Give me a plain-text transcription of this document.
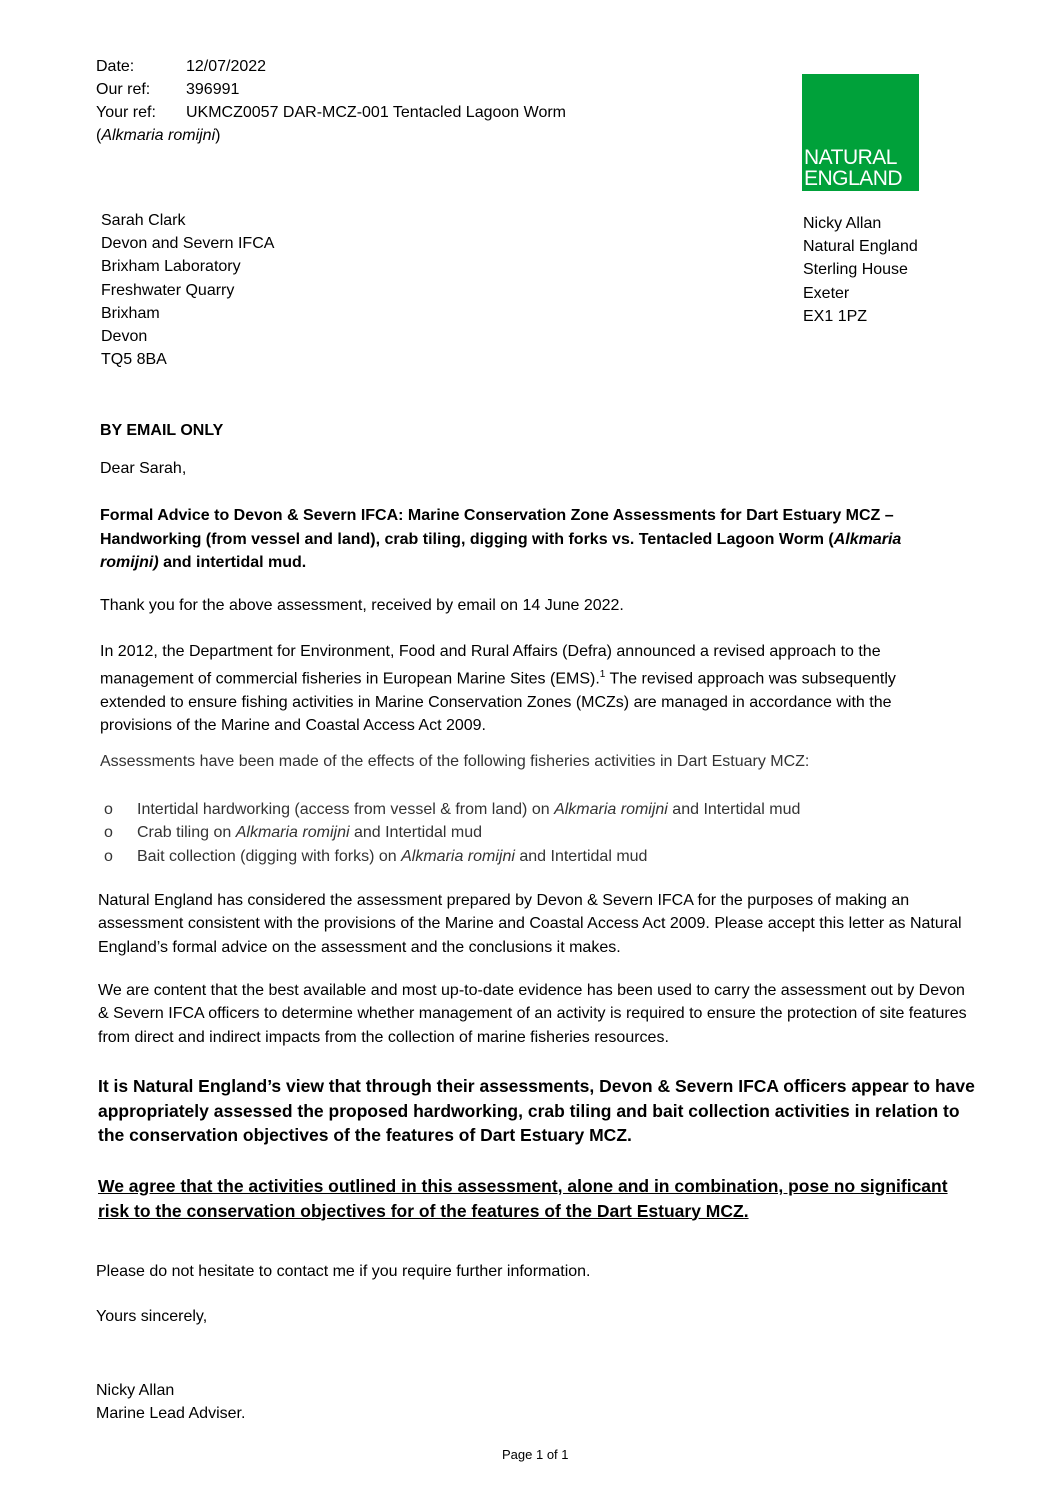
Date:	12/07/2022
Our ref: 396991
Your ref: UKMCZ0057 DAR-MCZ-001 Tentacled Lagoon Worm
(Alkmaria romijni)
NATURAL
ENGLAND
Sarah Clark
Devon and Severn IFCA
Brixham Laboratory
Freshwater Quarry
Brixham
Devon
TQ5 8BA
Nicky Allan
Natural England
Sterling House
Exeter
EX1 1PZ
BY EMAIL ONLY
Dear Sarah,
Formal Advice to Devon & Severn IFCA: Marine Conservation Zone Assessments for Dart Estuary MCZ – Handworking (from vessel and land), crab tiling, digging with forks vs. Tentacled Lagoon Worm (Alkmaria romijni) and intertidal mud.
Thank you for the above assessment, received by email on 14 June 2022.
In 2012, the Department for Environment, Food and Rural Affairs (Defra) announced a revised approach to the management of commercial fisheries in European Marine Sites (EMS).$^1$ The revised approach was subsequently extended to ensure fishing activities in Marine Conservation Zones (MCZs) are managed in accordance with the provisions of the Marine and Coastal Access Act 2009.
Assessments have been made of the effects of the following fisheries activities in Dart Estuary MCZ:
o	Intertidal hardworking (access from vessel & from land) on Alkmaria romijni and Intertidal mud
o	Crab tiling on Alkmaria romijni and Intertidal mud
o	Bait collection (digging with forks) on Alkmaria romijni and Intertidal mud
Natural England has considered the assessment prepared by Devon & Severn IFCA for the purposes of making an assessment consistent with the provisions of the Marine and Coastal Access Act 2009. Please accept this letter as Natural England’s formal advice on the assessment and the conclusions it makes.
We are content that the best available and most up-to-date evidence has been used to carry the assessment out by Devon & Severn IFCA officers to determine whether management of an activity is required to ensure the protection of site features from direct and indirect impacts from the collection of marine fisheries resources.
It is Natural England’s view that through their assessments, Devon & Severn IFCA officers appear to have appropriately assessed the proposed hardworking, crab tiling and bait collection activities in relation to the conservation objectives of the features of Dart Estuary MCZ.
We agree that the activities outlined in this assessment, alone and in combination, pose no significant risk to the conservation objectives for of the features of the Dart Estuary MCZ.
Please do not hesitate to contact me if you require further information.
Yours sincerely,
Nicky Allan
Marine Lead Adviser.
Page 1 of 1
